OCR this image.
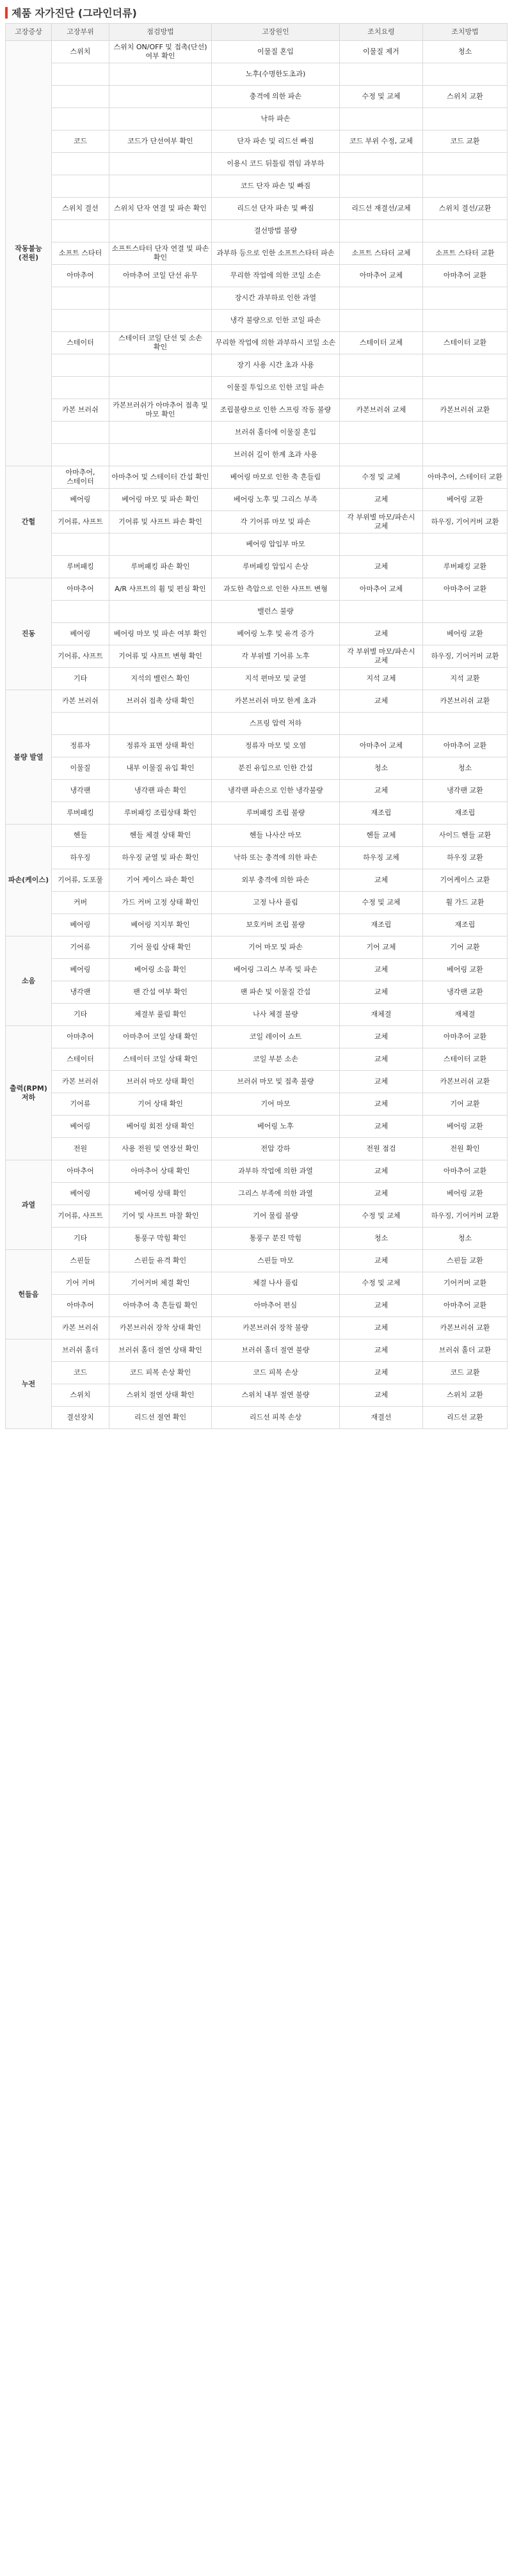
제품 자가진단 (그라인더류)
고장증상	고장부위	점검방법	고장원인	조치요령	조치방법
작동불능(전원)	스위치	스위치 ON/OFF 및 접촉(단선)여부 확인	이물질 혼입	이물질 제거	청소
			노후(수명한도초과)		
			충격에 의한 파손	수정 및 교체	스위치 교환
			낙하 파손		
	코드	코드가 단선여부 확인	단자 파손 및 리드선 빠짐	코드 부위 수정, 교체	코드 교환
			이용시 코드 뒤틀림 꺾임 과부하		
			코드 단자 파손 및 빠짐		
	스위치 결선	스위치 단자 연결 및 파손 확인	리드선 단자 파손 및 빠짐	리드선 재결선/교체	스위치 결선/교환
			결선방법 불량		
	소프트 스타터	소프트스타터 단자 연결 및 파손 확인	과부하 등으로 인한 소프트스타터 파손	소프트 스타터 교체	소프트 스타터 교환
	아마추어	아마추어 코일 단선 유무	무리한 작업에 의한 코일 소손	아마추어 교체	아마추어 교환
			장시간 과부하로 인한 과열		
			냉각 불량으로 인한 코일 파손		
	스테이터	스테이터 코일 단선 및 소손 확인	무리한 작업에 의한 과부하시 코일 소손	스테이터 교체	스테이터 교환
			장기 사용 시간 초과 사용		
			이물질 투입으로 인한 코일 파손		
	카본 브러쉬	카본브러쉬가 아마추어 접촉 및 마모 확인	조립불량으로 인한 스프링 작동 불량	카본브러쉬 교체	카본브러쉬 교환
			브러쉬 홀더에 이물질 혼입		
			브러쉬 길이 한계 초과 사용		
간헐	아마추어, 스테이터	아마추어 및 스테이터 간섭 확인	베어링 마모로 인한 축 흔들림	수정 및 교체	아마추어, 스테이터 교환
	베어링	베어링 마모 및 파손 확인	베어링 노후 및 그리스 부족	교체	베어링 교환
	기어류, 샤프트	기어류 및 샤프트 파손 확인	각 기어류 마모 및 파손	각 부위별 마모/파손시 교체	하우징, 기어커버 교환
			베어링 압입부 마모		
	루버패킹	루버패킹 파손 확인	루버패킹 압입시 손상	교체	루버패킹 교환
진동	아마추어	A/R 샤프트의 휨 및 편심 확인	과도한 측압으로 인한 샤프트 변형	아마추어 교체	아마추어 교환
			밸런스 불량		
	베어링	베어링 마모 및 파손 여부 확인	베어링 노후 및 유격 증가	교체	베어링 교환
	기어류, 샤프트	기어류 및 샤프트 변형 확인	각 부위별 기어류 노후	각 부위별 마모/파손시 교체	하우징, 기어커버 교환
	기타	지석의 밸런스 확인	지석 편마모 및 균열	지석 교체	지석 교환
불량 발열	카본 브러쉬	브러쉬 접촉 상태 확인	카본브러쉬 마모 한계 초과	교체	카본브러쉬 교환
			스프링 압력 저하		
	정류자	정류자 표면 상태 확인	정류자 마모 및 오염	아마추어 교체	아마추어 교환
	이물질	내부 이물질 유입 확인	분진 유입으로 인한 간섭	청소	청소
	냉각팬	냉각팬 파손 확인	냉각팬 파손으로 인한 냉각불량	교체	냉각팬 교환
	루버패킹	루버패킹 조립상태 확인	루버패킹 조립 불량	재조립	재조립
파손(케이스)	헨들	헨들 체결 상태 확인	헨들 나사산 마모	헨들 교체	사이드 헨들 교환
	하우징	하우징 균열 및 파손 확인	낙하 또는 충격에 의한 파손	하우징 교체	하우징 교환
	기어류, 도포물	기어 케이스 파손 확인	외부 충격에 의한 파손	교체	기어케이스 교환
	커버	가드 커버 고정 상태 확인	고정 나사 풀림	수정 및 교체	휠 가드 교환
	베어링	베어링 지지부 확인	보호커버 조립 불량	재조립	재조립
소음	기어류	기어 물림 상태 확인	기어 마모 및 파손	기어 교체	기어 교환
	베어링	베어링 소음 확인	베어링 그리스 부족 및 파손	교체	베어링 교환
	냉각팬	팬 간섭 여부 확인	팬 파손 및 이물질 간섭	교체	냉각팬 교환
	기타	체결부 풀림 확인	나사 체결 불량	재체결	재체결
출력(RPM) 저하	아마추어	아마추어 코일 상태 확인	코일 레이어 쇼트	교체	아마추어 교환
	스테이터	스테이터 코일 상태 확인	코일 부분 소손	교체	스테이터 교환
	카본 브러쉬	브러쉬 마모 상태 확인	브러쉬 마모 및 접촉 불량	교체	카본브러쉬 교환
	기어류	기어 상태 확인	기어 마모	교체	기어 교환
	베어링	베어링 회전 상태 확인	베어링 노후	교체	베어링 교환
	전원	사용 전원 및 연장선 확인	전압 강하	전원 점검	전원 확인
과열	아마추어	아마추어 상태 확인	과부하 작업에 의한 과열	교체	아마추어 교환
	베어링	베어링 상태 확인	그리스 부족에 의한 과열	교체	베어링 교환
	기어류, 샤프트	기어 및 샤프트 마찰 확인	기어 물림 불량	수정 및 교체	하우징, 기어커버 교환
	기타	통풍구 막힘 확인	통풍구 분진 막힘	청소	청소
헌들음	스핀들	스핀들 유격 확인	스핀들 마모	교체	스핀들 교환
	기어 커버	기어커버 체결 확인	체결 나사 풀림	수정 및 교체	기어커버 교환
	아마추어	아마추어 축 흔들림 확인	아마추어 편심	교체	아마추어 교환
	카본 브러쉬	카본브러쉬 장착 상태 확인	카본브러쉬 장착 불량	교체	카본브러쉬 교환
누전	브러쉬 홀더	브러쉬 홀더 절연 상태 확인	브러쉬 홀더 절연 불량	교체	브러쉬 홀더 교환
	코드	코드 피복 손상 확인	코드 피복 손상	교체	코드 교환
	스위치	스위치 절연 상태 확인	스위치 내부 절연 불량	교체	스위치 교환
	결선장치	리드선 절연 확인	리드선 피복 손상	재결선	리드선 교환
